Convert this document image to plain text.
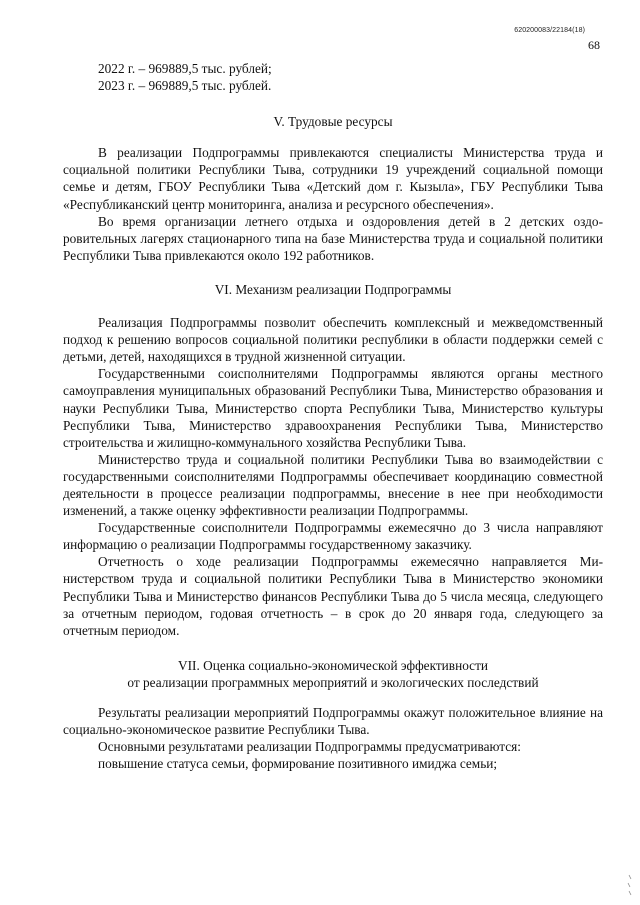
620200083/22184(18)
68

2022 г. – 969889,5 тыс. рублей;

2023 г. – 969889,5 тыс. рублей.

V. Трудовые ресурсы

В реализации Подпрограммы привлекаются специалисты Министерства труда и социальной политики Республики Тыва, сотрудники 19 учреждений социальной помощи семье и детям, ГБОУ Республики Тыва «Детский дом г. Кызыла», ГБУ Республики Тыва «Республиканский центр мониторинга, анализа и ресурсного обеспечения».

Во время организации летнего отдыха и оздоровления детей в 2 детских оздоровительных лагерях стационарного типа на базе Министерства труда и социальной политики Республики Тыва привлекаются около 192 работников.

VI. Механизм реализации Подпрограммы

Реализация Подпрограммы позволит обеспечить комплексный и межведомственный подход к решению вопросов социальной политики республики в области поддержки семей с детьми, детей, находящихся в трудной жизненной ситуации.

Государственными соисполнителями Подпрограммы являются органы местного самоуправления муниципальных образований Республики Тыва, Министерство образования и науки Республики Тыва, Министерство спорта Республики Тыва, Министерство культуры Республики Тыва, Министерство здравоохранения Республики Тыва, Министерство строительства и жилищно-коммунального хозяйства Республики Тыва.

Министерство труда и социальной политики Республики Тыва во взаимодействии с государственными соисполнителями Подпрограммы обеспечивает координацию совместной деятельности в процессе реализации подпрограммы, внесение в нее при необходимости изменений, а также оценку эффективности реализации Подпрограммы.

Государственные соисполнители Подпрограммы ежемесячно до 3 числа направляют информацию о реализации Подпрограммы государственному заказчику.

Отчетность о ходе реализации Подпрограммы ежемесячно направляется Министерством труда и социальной политики Республики Тыва в Министерство экономики Республики Тыва и Министерство финансов Республики Тыва до 5 числа месяца, следующего за отчетным периодом, годовая отчетность – в срок до 20 января года, следующего за отчетным периодом.

VII. Оценка социально-экономической эффективности

от реализации программных мероприятий и экологических последствий

Результаты реализации мероприятий Подпрограммы окажут положительное влияние на социально-экономическое развитие Республики Тыва.

Основными результатами реализации Подпрограммы предусматриваются:

повышение статуса семьи, формирование позитивного имиджа семьи;
